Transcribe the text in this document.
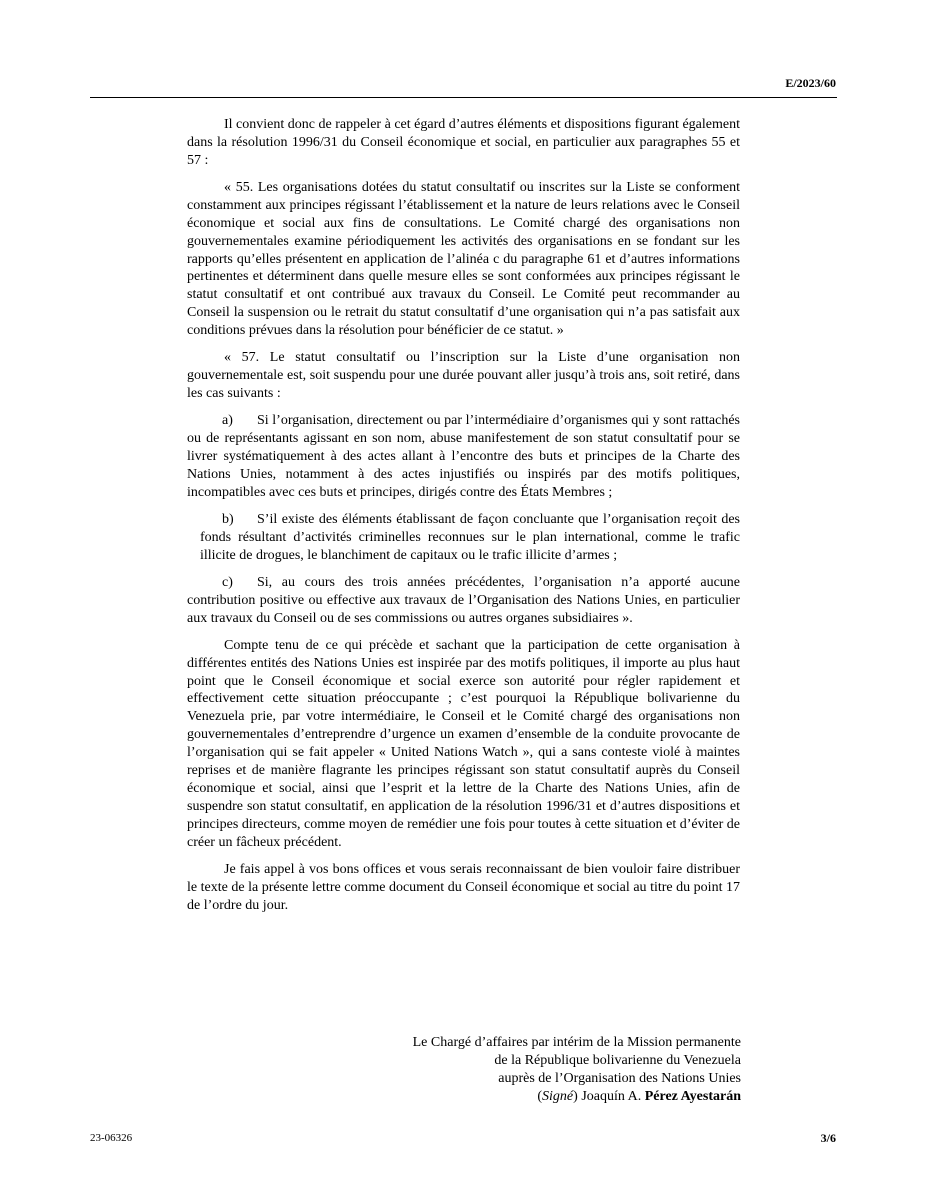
E/2023/60

Il convient donc de rappeler à cet égard d’autres éléments et dispositions figurant également dans la résolution 1996/31 du Conseil économique et social, en particulier aux paragraphes 55 et 57 :

« 55. Les organisations dotées du statut consultatif ou inscrites sur la Liste se conforment constamment aux principes régissant l’établissement et la nature de leurs relations avec le Conseil économique et social aux fins de consultations. Le Comité chargé des organisations non gouvernementales examine périodiquement les activités des organisations en se fondant sur les rapports qu’elles présentent en application de l’alinéa c du paragraphe 61 et d’autres informations pertinentes et déterminent dans quelle mesure elles se sont conformées aux principes régissant le statut consultatif et ont contribué aux travaux du Conseil. Le Comité peut recommander au Conseil la suspension ou le retrait du statut consultatif d’une organisation qui n’a pas satisfait aux conditions prévues dans la résolution pour bénéficier de ce statut. »

« 57. Le statut consultatif ou l’inscription sur la Liste d’une organisation non gouvernementale est, soit suspendu pour une durée pouvant aller jusqu’à trois ans, soit retiré, dans les cas suivants :

a) Si l’organisation, directement ou par l’intermédiaire d’organismes qui y sont rattachés ou de représentants agissant en son nom, abuse manifestement de son statut consultatif pour se livrer systématiquement à des actes allant à l’encontre des buts et principes de la Charte des Nations Unies, notamment à des actes injustifiés ou inspirés par des motifs politiques, incompatibles avec ces buts et principes, dirigés contre des États Membres ;
b) S’il existe des éléments établissant de façon concluante que l’organisation reçoit des fonds résultant d’activités criminelles reconnues sur le plan international, comme le trafic illicite de drogues, le blanchiment de capitaux ou le trafic illicite d’armes ;
c) Si, au cours des trois années précédentes, l’organisation n’a apporté aucune contribution positive ou effective aux travaux de l’Organisation des Nations Unies, en particulier aux travaux du Conseil ou de ses commissions ou autres organes subsidiaires ».

Compte tenu de ce qui précède et sachant que la participation de cette organisation à différentes entités des Nations Unies est inspirée par des motifs politiques, il importe au plus haut point que le Conseil économique et social exerce son autorité pour régler rapidement et effectivement cette situation préoccupante ; c’est pourquoi la République bolivarienne du Venezuela prie, par votre intermédiaire, le Conseil et le Comité chargé des organisations non gouvernementales d’entreprendre d’urgence un examen d’ensemble de la conduite provocante de l’organisation qui se fait appeler « United Nations Watch », qui a sans conteste violé à maintes reprises et de manière flagrante les principes régissant son statut consultatif auprès du Conseil économique et social, ainsi que l’esprit et la lettre de la Charte des Nations Unies, afin de suspendre son statut consultatif, en application de la résolution 1996/31 et d’autres dispositions et principes directeurs, comme moyen de remédier une fois pour toutes à cette situation et d’éviter de créer un fâcheux précédent.

Je fais appel à vos bons offices et vous serais reconnaissant de bien vouloir faire distribuer le texte de la présente lettre comme document du Conseil économique et social au titre du point 17 de l’ordre du jour.

Le Chargé d’affaires par intérim de la Mission permanente
de la République bolivarienne du Venezuela
auprès de l’Organisation des Nations Unies
(Signé) Joaquín A. Pérez Ayestarán
23-06326	3/6
